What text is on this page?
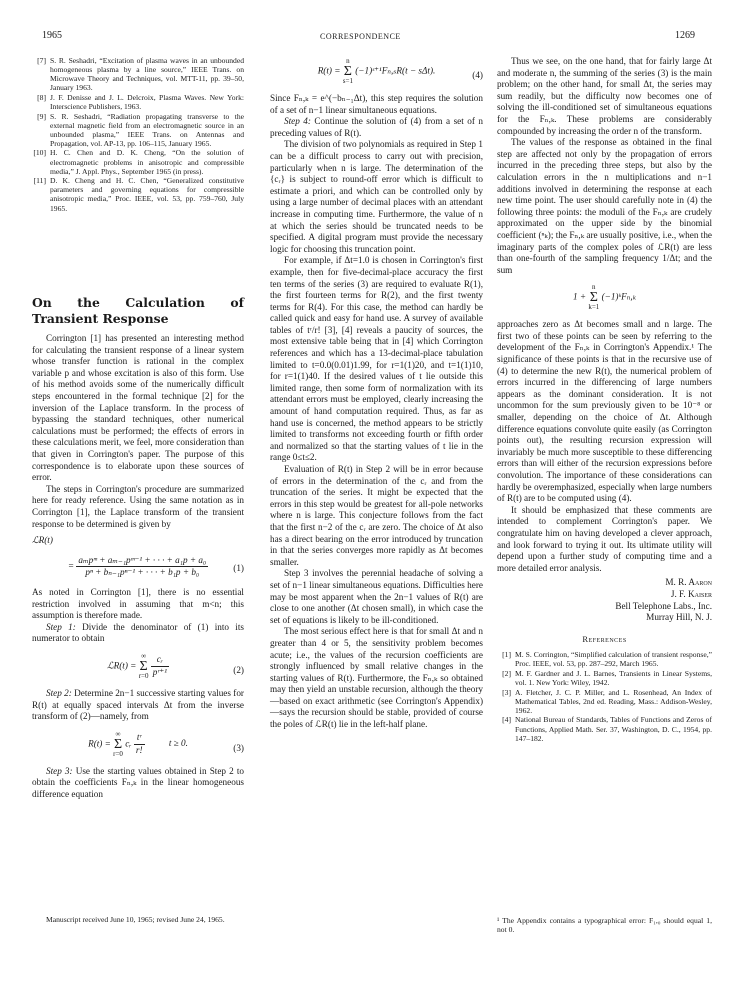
1965	CORRESPONDENCE	1269
[7] S. R. Seshadri, “Excitation of plasma waves in an unbounded homogeneous plasma by a line source,” IEEE Trans. on Microwave Theory and Techniques, vol. MTT-11, pp. 39–50, January 1963.
[8] J. F. Denisse and J. L. Delcroix, Plasma Waves. New York: Interscience Publishers, 1963.
[9] S. R. Seshadri, “Radiation propagating transverse to the external magnetic field from an electromagnetic source in an unbounded plasma,” IEEE Trans. on Antennas and Propagation, vol. AP-13, pp. 106–115, January 1965.
[10] H. C. Chen and D. K. Cheng, “On the solution of electromagnetic problems in anisotropic and compressible media,” J. Appl. Phys., September 1965 (in press).
[11] D. K. Cheng and H. C. Chen, “Generalized constitutive parameters and governing equations for compressible anisotropic media,” Proc. IEEE, vol. 53, pp. 759–760, July 1965.
On the Calculation of Transient Response

Corrington [1] has presented an interesting method for calculating the transient response of a linear system whose transfer function is rational in the complex variable p and whose excitation is also of this form. Use of his method avoids some of the numerically difficult steps encountered in the formal technique [2] for the inversion of the Laplace transform. In the process of bypassing the standard techniques, other numerical calculations must be performed; the effects of errors in these calculations merit, we feel, more consideration than that given in Corrington's paper. The purpose of this correspondence is to elaborate upon these sources of error.

The steps in Corrington's procedure are summarized here for ready reference. Using the same notation as in Corrington [1], the Laplace transform of the transient response to be determined is given by

ℒR(t)
= $\frac{\text{aₘpᵐ + aₘ₋₁pᵐ⁻¹ + · · · + a₁p + a₀}}{\text{pⁿ + bₙ₋₁pⁿ⁻¹ + · · · + b₁p + b₀}}$	(1)

As noted in Corrington [1], there is no essential restriction involved in assuming that m<n; this assumption is therefore made.

Step 1: Divide the denominator of (1) into its numerator to obtain

ℒR(t) =
∞
Σ
r=0
$\frac{\text{cᵣ}}{\text{pʳ⁺¹}}$	(2)

Step 2: Determine 2n−1 successive starting values for R(t) at equally spaced intervals Δt from the inverse transform of (2)—namely, from

R(t) =
∞
Σ
r=0
cᵣ $\frac{\text{tʳ}}{r!}$	t ≥ 0.	(3)

Step 3: Use the starting values obtained in Step 2 to obtain the coefficients Fₙ,ₖ in the linear homogeneous difference equation

Manuscript received June 10, 1965; revised June 24, 1965.
R(t) =
n
Σ
s=1
(−1)ˢ⁺¹Fₙ,ₛR(t − sΔt).	(4)

Since Fₙ,ₖ = e^(−bₙ₋₁Δt), this step requires the solution of a set of n−1 linear simultaneous equations.

Step 4: Continue the solution of (4) from a set of n preceding values of R(t).

The division of two polynomials as required in Step 1 can be a difficult process to carry out with precision, particularly when n is large. The determination of the {cᵣ} is subject to round-off error which is difficult to estimate a priori, and which can be controlled only by using a large number of decimal places with an attendant increase in computing time. Furthermore, the value of n at which the series should be truncated needs to be specified. A digital program must provide the necessary logic for choosing this truncation point.

For example, if Δt=1.0 is chosen in Corrington's first example, then for five-decimal-place accuracy the first ten terms of the series (3) are required to evaluate R(1), the first fourteen terms for R(2), and the first twenty terms for R(4). For this case, the method can hardly be called quick and easy for hand use. A survey of available tables of tʳ/r! [3], [4] reveals a paucity of sources, the most extensive table being that in [4] which Corrington references and which has a 13-decimal-place tabulation limited to t=0.0(0.01)1.99, for r=1(1)20, and t=1(1)10, for r=1(1)40. If the desired values of t lie outside this limited range, then some form of normalization with its attendant errors must be employed, clearly increasing the amount of hand computation required. Thus, as far as hand use is concerned, the method appears to be strictly limited to transforms not exceeding fourth or fifth order and normalized so that the starting values of t lie in the range 0≤t≤2.

Evaluation of R(t) in Step 2 will be in error because of errors in the determination of the cᵣ and from the truncation of the series. It might be expected that the errors in this step would be greatest for all-pole networks where n is large. This conjecture follows from the fact that the first n−2 of the cᵣ are zero. The choice of Δt also has a direct bearing on the error introduced by truncation in that the series converges more rapidly as Δt becomes smaller.

Step 3 involves the perennial headache of solving a set of n−1 linear simultaneous equations. Difficulties here may be most apparent when the 2n−1 values of R(t) are close to one another (Δt chosen small), in which case the set of equations is likely to be ill-conditioned.

The most serious effect here is that for small Δt and n greater than 4 or 5, the sensitivity problem becomes acute; i.e., the values of the recursion coefficients are strongly influenced by small relative changes in the starting values of R(t). Furthermore, the Fₙ,ₖ so obtained may then yield an unstable recursion, although the theory—based on exact arithmetic (see Corrington's Appendix)—says the recursion should be stable, provided of course the poles of ℒR(t) lie in the left-half plane.

Thus we see, on the one hand, that for fairly large Δt and moderate n, the summing of the series (3) is the main problem; on the other hand, for small Δt, the series may sum readily, but the difficulty now becomes one of solving the ill-conditioned set of simultaneous equations for the Fₙ,ₖ. These problems are considerably compounded by increasing the order n of the transform.

The values of the response as obtained in the final step are affected not only by the propagation of errors incurred in the preceding three steps, but also by the calculation errors in the n multiplications and n−1 additions involved in determining the response at each new time point. The user should carefully note in (4) the following three points: the moduli of the Fₙ,ₖ are crudely approximated on the upper side by the binomial coefficient (ⁿₖ); the Fₙ,ₖ are usually positive, i.e., when the imaginary parts of the complex poles of ℒR(t) are less than one-fourth of the sampling frequency 1/Δt; and the sum

1 +
n
Σ
k=1
(−1)ᵏFₙ,ₖ

approaches zero as Δt becomes small and n large. The first two of these points can be seen by referring to the development of the Fₙ,ₖ in Corrington's Appendix.¹ The significance of these points is that in the recursive use of (4) to determine the new R(t), the numerical problem of errors incurred in the differencing of large numbers appears as the dominant consideration. It is not uncommon for the sum previously given to be 10⁻⁸ or smaller, depending on the choice of Δt. Although difference equations convolute quite easily (as Corrington points out), the resulting recursion expression will invariably be much more susceptible to these differencing errors than will either of the recursion expressions before convolution. The importance of these considerations can hardly be overemphasized, especially when large numbers of R(t) are to be computed using (4).

It should be emphasized that these comments are intended to complement Corrington's paper. We congratulate him on having developed a clever approach, and look forward to trying it out. Its ultimate utility will depend upon a further study of computing time and a more detailed error analysis.

M. R. Aaron
J. F. Kaiser
Bell Telephone Labs., Inc.
Murray Hill, N. J.
References
[1] M. S. Corrington, “Simplified calculation of transient response,” Proc. IEEE, vol. 53, pp. 287–292, March 1965.
[2] M. F. Gardner and J. L. Barnes, Transients in Linear Systems, vol. 1. New York: Wiley, 1942.
[3] A. Fletcher, J. C. P. Miller, and L. Rosenhead, An Index of Mathematical Tables, 2nd ed. Reading, Mass.: Addison-Wesley, 1962.
[4] National Bureau of Standards, Tables of Functions and Zeros of Functions, Applied Math. Ser. 37, Washington, D. C., 1954, pp. 147–182.
¹ The Appendix contains a typographical error: F₁,₀ should equal 1, not 0.
